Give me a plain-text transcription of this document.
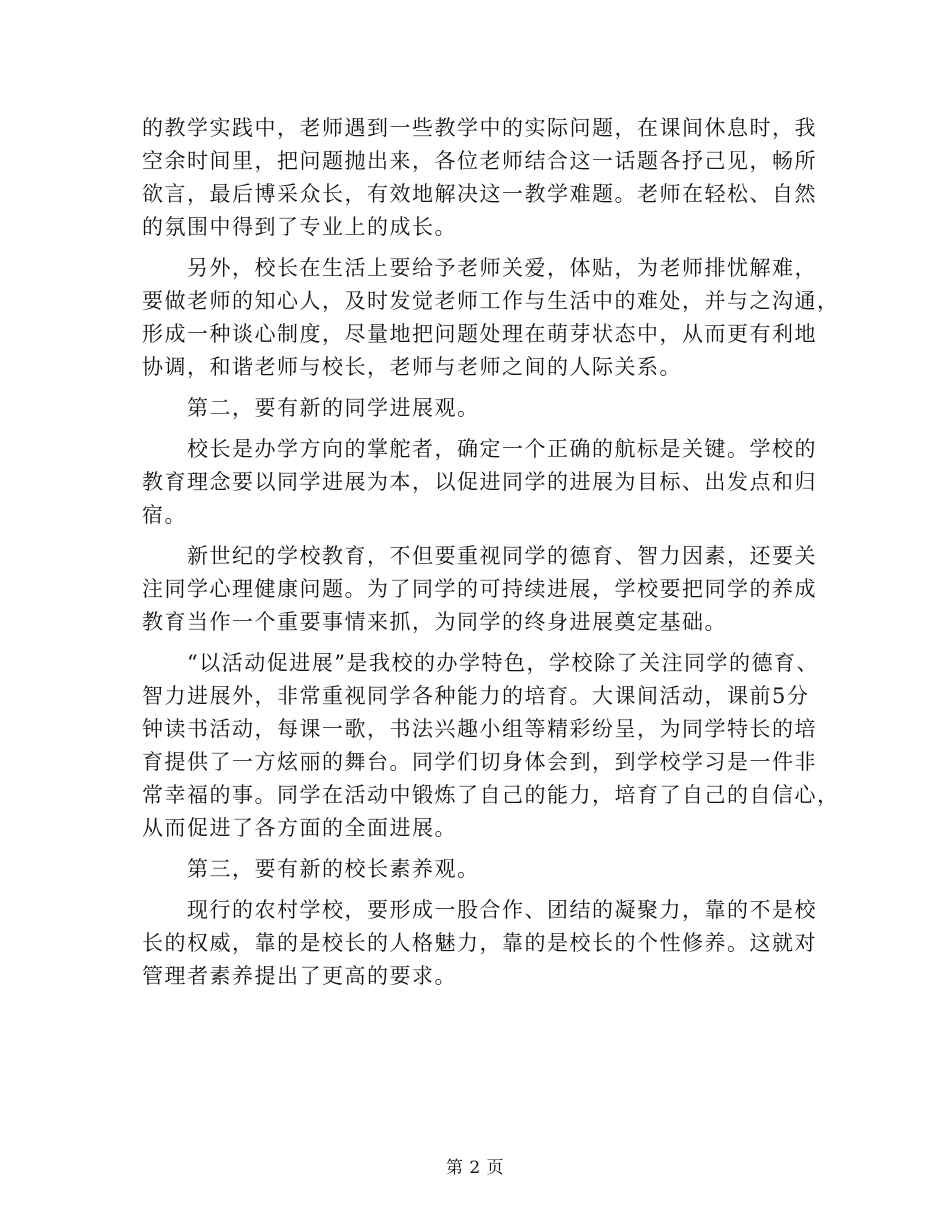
的教学实践中，老师遇到一些教学中的实际问题，在课间休息时，我
空余时间里，把问题抛出来，各位老师结合这一话题各抒己见，畅所
欲言，最后博采众长，有效地解决这一教学难题。老师在轻松、自然
的氛围中得到了专业上的成长。

另外，校长在生活上要给予老师关爱，体贴，为老师排忧解难，
要做老师的知心人，及时发觉老师工作与生活中的难处，并与之沟通，
形成一种谈心制度，尽量地把问题处理在萌芽状态中，从而更有利地
协调，和谐老师与校长，老师与老师之间的人际关系。

第二，要有新的同学进展观。

校长是办学方向的掌舵者，确定一个正确的航标是关键。学校的
教育理念要以同学进展为本，以促进同学的进展为目标、出发点和归
宿。

新世纪的学校教育，不但要重视同学的德育、智力因素，还要关
注同学心理健康问题。为了同学的可持续进展，学校要把同学的养成
教育当作一个重要事情来抓，为同学的终身进展奠定基础。

“以活动促进展”是我校的办学特色，学校除了关注同学的德育、
智力进展外，非常重视同学各种能力的培育。大课间活动，课前5分
钟读书活动，每课一歌，书法兴趣小组等精彩纷呈，为同学特长的培
育提供了一方炫丽的舞台。同学们切身体会到，到学校学习是一件非
常幸福的事。同学在活动中锻炼了自己的能力，培育了自己的自信心，
从而促进了各方面的全面进展。

第三，要有新的校长素养观。

现行的农村学校，要形成一股合作、团结的凝聚力，靠的不是校
长的权威，靠的是校长的人格魅力，靠的是校长的个性修养。这就对
管理者素养提出了更高的要求。

第 2 页
